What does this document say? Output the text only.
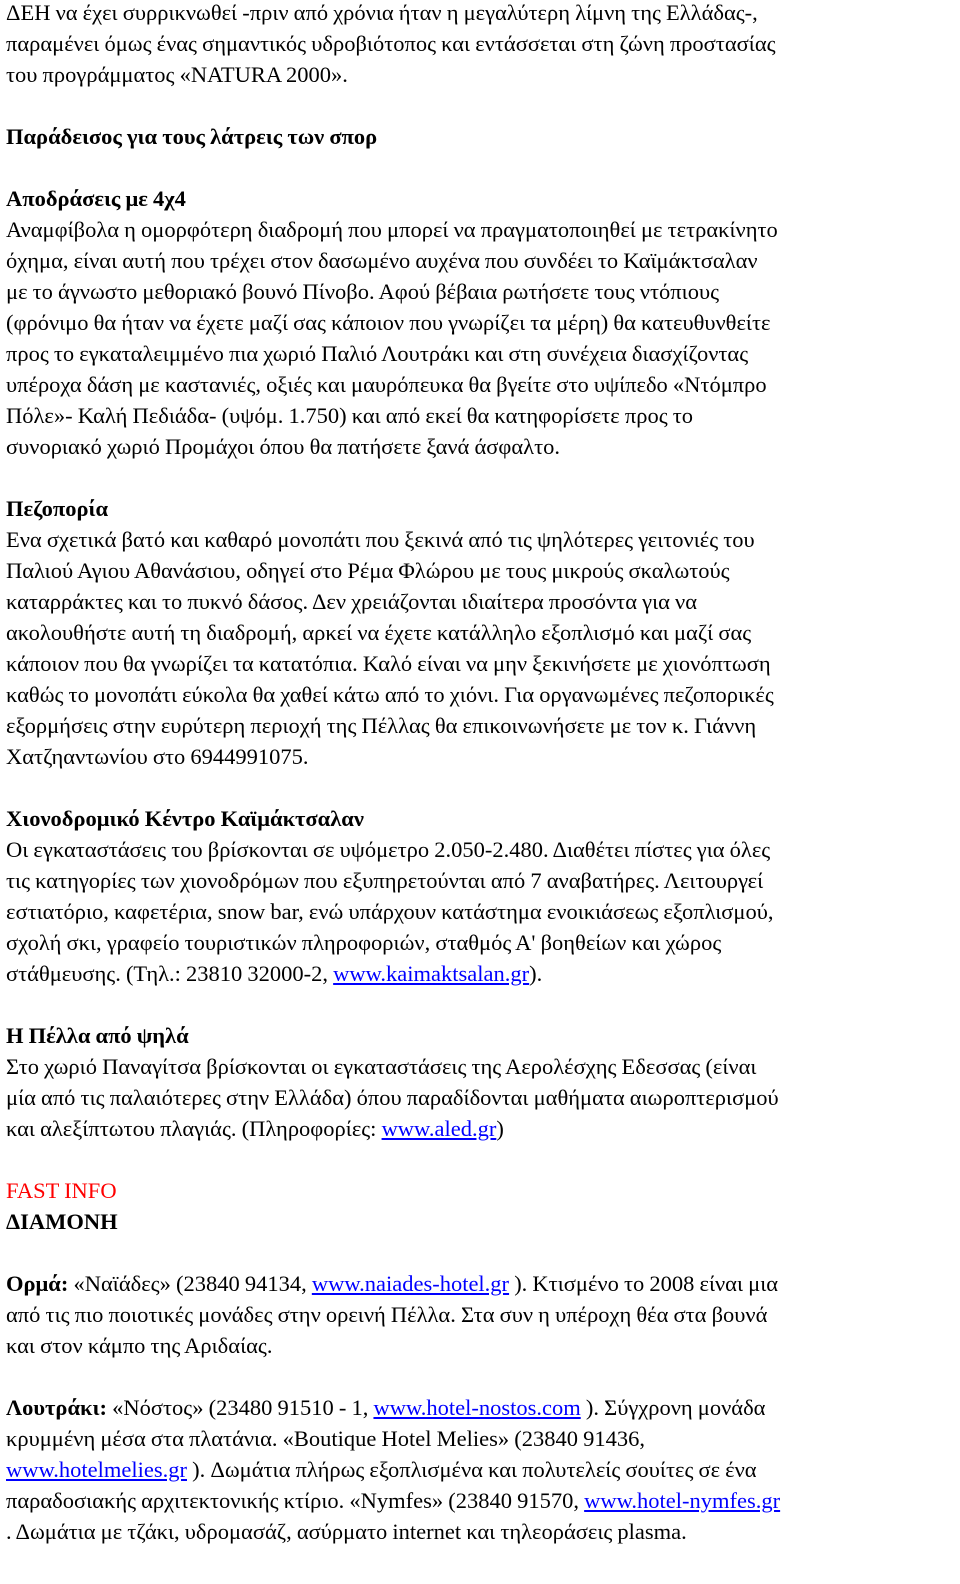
ΔΕΗ να έχει συρρικνωθεί -πριν από χρόνια ήταν η μεγαλύτερη λίμνη της Ελλάδας-,

παραμένει όμως ένας σημαντικός υδροβιότοπος και εντάσσεται στη ζώνη προστασίας

του προγράμματος «NATURA 2000».

Παράδεισος για τους λάτρεις των σπορ

Αποδράσεις με 4χ4

Αναμφίβολα η ομορφότερη διαδρομή που μπορεί να πραγματοποιηθεί με τετρακίνητο

όχημα, είναι αυτή που τρέχει στον δασωμένο αυχένα που συνδέει το Καϊμάκτσαλαν

με το άγνωστο μεθοριακό βουνό Πίνοβο. Αφού βέβαια ρωτήσετε τους ντόπιους

(φρόνιμο θα ήταν να έχετε μαζί σας κάποιον που γνωρίζει τα μέρη) θα κατευθυνθείτε

προς το εγκαταλειμμένο πια χωριό Παλιό Λουτράκι και στη συνέχεια διασχίζοντας

υπέροχα δάση με καστανιές, οξιές και μαυρόπευκα θα βγείτε στο υψίπεδο «Ντόμπρο

Πόλε»- Καλή Πεδιάδα- (υψόμ. 1.750) και από εκεί θα κατηφορίσετε προς το

συνοριακό χωριό Προμάχοι όπου θα πατήσετε ξανά άσφαλτο.

Πεζοπορία

Ενα σχετικά βατό και καθαρό μονοπάτι που ξεκινά από τις ψηλότερες γειτονιές του

Παλιού Αγιου Αθανάσιου, οδηγεί στο Ρέμα Φλώρου με τους μικρούς σκαλωτούς

καταρράκτες και το πυκνό δάσος. Δεν χρειάζονται ιδιαίτερα προσόντα για να

ακολουθήστε αυτή τη διαδρομή, αρκεί να έχετε κατάλληλο εξοπλισμό και μαζί σας

κάποιον που θα γνωρίζει τα κατατόπια. Καλό είναι να μην ξεκινήσετε με χιονόπτωση

καθώς το μονοπάτι εύκολα θα χαθεί κάτω από το χιόνι. Για οργανωμένες πεζοπορικές

εξορμήσεις στην ευρύτερη περιοχή της Πέλλας θα επικοινωνήσετε με τον κ. Γιάννη

Χατζηαντωνίου στο 6944991075.

Χιονοδρομικό Κέντρο Καϊμάκτσαλαν

Οι εγκαταστάσεις του βρίσκονται σε υψόμετρο 2.050-2.480. Διαθέτει πίστες για όλες

τις κατηγορίες των χιονοδρόμων που εξυπηρετούνται από 7 αναβατήρες. Λειτουργεί

εστιατόριο, καφετέρια, snow bar, ενώ υπάρχουν κατάστημα ενοικιάσεως εξοπλισμού,

σχολή σκι, γραφείο τουριστικών πληροφοριών, σταθμός Α' βοηθείων και χώρος

στάθμευσης. (Τηλ.: 23810 32000-2, www.kaimaktsalan.gr).

Η Πέλλα από ψηλά

Στο χωριό Παναγίτσα βρίσκονται οι εγκαταστάσεις της Αερολέσχης Εδεσσας (είναι

μία από τις παλαιότερες στην Ελλάδα) όπου παραδίδονται μαθήματα αιωροπτερισμού

και αλεξίπτωτου πλαγιάς. (Πληροφορίες: www.aled.gr)

FAST INFO

ΔΙΑΜΟΝΗ

Ορμά: «Ναϊάδες» (23840 94134, www.naiades-hotel.gr ). Κτισμένο το 2008 είναι μια

από τις πιο ποιοτικές μονάδες στην ορεινή Πέλλα. Στα συν η υπέροχη θέα στα βουνά

και στον κάμπο της Αριδαίας.

Λουτράκι: «Νόστος» (23480 91510 - 1, www.hotel-nostos.com ). Σύγχρονη μονάδα

κρυμμένη μέσα στα πλατάνια. «Boutique Hotel Melies» (23840 91436,

www.hotelmelies.gr ). Δωμάτια πλήρως εξοπλισμένα και πολυτελείς σουίτες σε ένα

παραδοσιακής αρχιτεκτονικής κτίριο. «Nymfes» (23840 91570, www.hotel-nymfes.gr

. Δωμάτια με τζάκι, υδρομασάζ, ασύρματο internet και τηλεοράσεις plasma.
